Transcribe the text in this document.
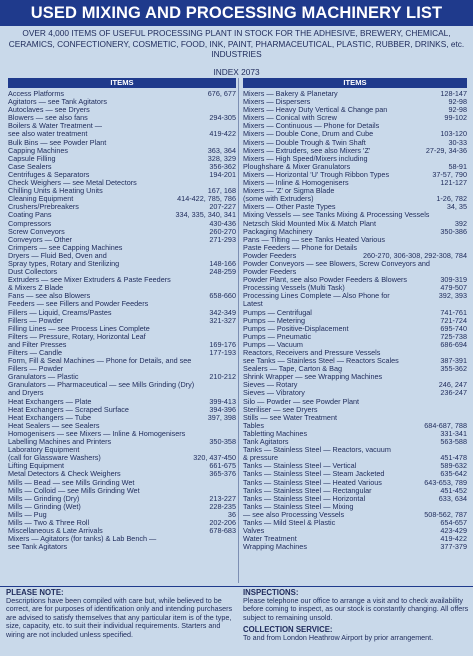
USED MIXING AND PROCESSING MACHINERY LIST
OVER 4,000 ITEMS OF USEFUL PROCESSING PLANT IN STOCK FOR THE ADHESIVE, BREWERY, CHEMICAL, CERAMICS, CONFECTIONERY, COSMETIC, FOOD, INK, PAINT, PHARMACEUTICAL, PLASTIC, RUBBER, DRINKS, etc. INDUSTRIES
INDEX 2073
ITEMS	ITEMS
Access Platforms	676, 677
Agitators — see Tank Agitators
Autoclaves — see Dryers
Blowers — see also fans	294-305
Boilers & Water Treatment —
see also water treatment	419-422
Bulk Bins — see Powder Plant
Capping Machines	363, 364
Capsule Filling	328, 329
Case Sealers	356-362
Centrifuges & Separators	194-201
Check Weighers — see Metal Detectors
Chilling Units & Heating Units	167, 168
Cleaning Equipment	414-422, 785, 786
Crushers/Prebreakers	207-227
Coating Pans	334, 335, 340, 341
Compressors	430-436
Screw Conveyors	260-270
Conveyors — Other	271-293
Crimpers — see Capping Machines
Dryers — Fluid Bed, Oven and
Spray types, Rotary and Sterilizing	148-166
Dust Collectors	248-259
Extruders — see Mixer Extruders & Paste Feeders
& Mixers Z Blade
Fans — see also Blowers	658-660
Feeders — see Fillers and Powder Feeders
Fillers — Liquid, Creams/Pastes	342-349
Fillers — Powder	321-327
Filling Lines — see Process Lines Complete
Filters — Pressure, Rotary, Horizontal Leaf
and Filter Presses	169-176
Filters — Candle	177-193
Form, Fill & Seal Machines — Phone for Details, and see
Fillers — Powder
Granulators — Plastic	210-212
Granulators — Pharmaceutical — see Mills Grinding (Dry)
and Dryers
Heat Exchangers — Plate	399-413
Heat Exchangers — Scraped Surface	394-396
Heat Exchangers — Tube	397, 398
Heat Sealers — see Sealers
Homogenisers — see Mixers — Inline & Homogenisers
Labelling Machines and Printers	350-358
Laboratory Equipment
(call for Glassware Washers)	320, 437-450
Lifting Equipment	661-675
Metal Detectors & Check Weighers	365-376
Mills — Bead — see Mills Grinding Wet
Mills — Colloid — see Mills Grinding Wet
Mills — Grinding (Dry)	213-227
Mills — Grinding (Wet)	228-235
Mills — Pug	36
Mills — Two & Three Roll	202-206
Miscellaneous & Late Arrivals	678-683
Mixers — Agitators (for tanks) & Lab Bench —
see Tank Agitators
Mixers — Bakery & Planetary	128-147
Mixers — Dispersers	92-98
Mixers — Heavy Duty Vertical & Change pan	92-98
Mixers — Conical with Screw	99-102
Mixers — Continuous — Phone for Details
Mixers — Double Cone, Drum and Cube	103-120
Mixers — Double Trough & Twin Shaft	30-33
Mixers — Extruders, see also Mixers 'Z'	27-29, 34-36
Mixers — High Speed/Mixers including
Ploughshare & Mixer Granulators	58-91
Mixers — Horizontal 'U' Trough Ribbon Types	37-57, 790
Mixers — Inline & Homogenisers	121-127
Mixers — 'Z' or Sigma Blade
(some with Extruders)	1-26, 782
Mixers — Other Paste Types	34, 35
Mixing Vessels — see Tanks Mixing & Processing Vessels
Netzsch Skid Mounted Mix & Match Plant	392
Packaging Machinery	350-386
Pans — Tilting — see Tanks Heated Various
Paste Feeders — Phone for Details
Powder Feeders	260-270, 306-308, 292-308, 784
Powder Conveyors — see Blowers, Screw Conveyors and
Powder Feeders
Powder Plant, see also Powder Feeders & Blowers	309-319
Processing Vessels (Multi Task)	479-507
Processing Lines Complete — Also Phone for	392, 393
Latest
Pumps — Centrifugal	741-761
Pumps — Metering	721-724
Pumps — Positive-Displacement	695-740
Pumps — Pneumatic	725-738
Pumps — Vacuum	686-694
Reactors, Receivers and Pressure Vessels
see Tanks — Stainless Steel — Reactors Scales	387-391
Sealers — Tape, Carton & Bag	355-362
Shrink Wrapper — see Wrapping Machines
Sieves — Rotary	246, 247
Sieves — Vibratory	236-247
Silo — Powder — see Powder Plant
Steriliser — see Dryers
Stills — see Water Treatment
Tables	684-687, 788
Tabletting Machines	331-341
Tank Agitators	563-588
Tanks — Stainless Steel — Reactors, vacuum
& pressure	451-478
Tanks — Stainless Steel — Vertical	589-632
Tanks — Stainless Steel — Steam Jacketed	635-642
Tanks — Stainless Steel — Heated Various	643-653, 789
Tanks — Stainless Steel — Rectangular	451-452
Tanks — Stainless Steel — Horizontal	633, 634
Tanks — Stainless Steel — Mixing
— see also Processing Vessels	508-562, 787
Tanks — Mild Steel & Plastic	654-657
Valves	423-429
Water Treatment	419-422
Wrapping Machines	377-379
PLEASE NOTE:
Descriptions have been compiled with care but, while believed to be correct, are for purposes of identification only and intending purchasers are advised to satisfy themselves that any particular item is of the type, size, capacity, etc. to suit their individual requirements. Starters and wiring are not included unless specified.
INSPECTIONS:
Please telephone our office to arrange a visit and to check availability before coming to inspect, as our stock is constantly changing. All offers subject to remaining unsold.
COLLECTION SERVICE:
To and from London Heathrow Airport by prior arrangement.
